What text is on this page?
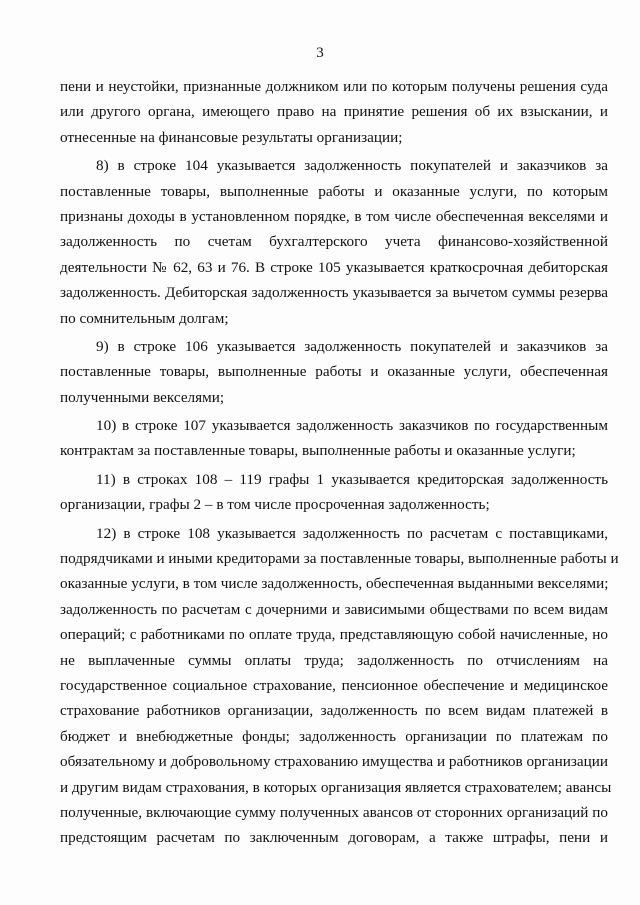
3
пени и неустойки, признанные должником или по которым получены решения суда
или другого органа, имеющего право на принятие решения об их взыскании, и
отнесенные на финансовые результаты организации;
8) в строке 104 указывается задолженность покупателей и заказчиков за
поставленные товары, выполненные работы и оказанные услуги, по которым
признаны доходы в установленном порядке, в том числе обеспеченная векселями и
задолженность по счетам бухгалтерского учета финансово-хозяйственной
деятельности № 62, 63 и 76. В строке 105 указывается краткосрочная дебиторская
задолженность. Дебиторская задолженность указывается за вычетом суммы резерва
по сомнительным долгам;
9) в строке 106 указывается задолженность покупателей и заказчиков за
поставленные товары, выполненные работы и оказанные услуги, обеспеченная
полученными векселями;
10) в строке 107 указывается задолженность заказчиков по государственным
контрактам за поставленные товары, выполненные работы и оказанные услуги;
11) в строках 108 – 119 графы 1 указывается кредиторская задолженность
организации, графы 2 – в том числе просроченная задолженность;
12) в строке 108 указывается задолженность по расчетам с поставщиками,
подрядчиками и иными кредиторами за поставленные товары, выполненные работы и
оказанные услуги, в том числе задолженность, обеспеченная выданными векселями;
задолженность по расчетам с дочерними и зависимыми обществами по всем видам
операций; с работниками по оплате труда, представляющую собой начисленные, но
не выплаченные суммы оплаты труда; задолженность по отчислениям на
государственное социальное страхование, пенсионное обеспечение и медицинское
страхование работников организации, задолженность по всем видам платежей в
бюджет и внебюджетные фонды; задолженность организации по платежам по
обязательному и добровольному страхованию имущества и работников организации
и другим видам страхования, в которых организация является страхователем; авансы
полученные, включающие сумму полученных авансов от сторонних организаций по
предстоящим расчетам по заключенным договорам, а также штрафы, пени и
